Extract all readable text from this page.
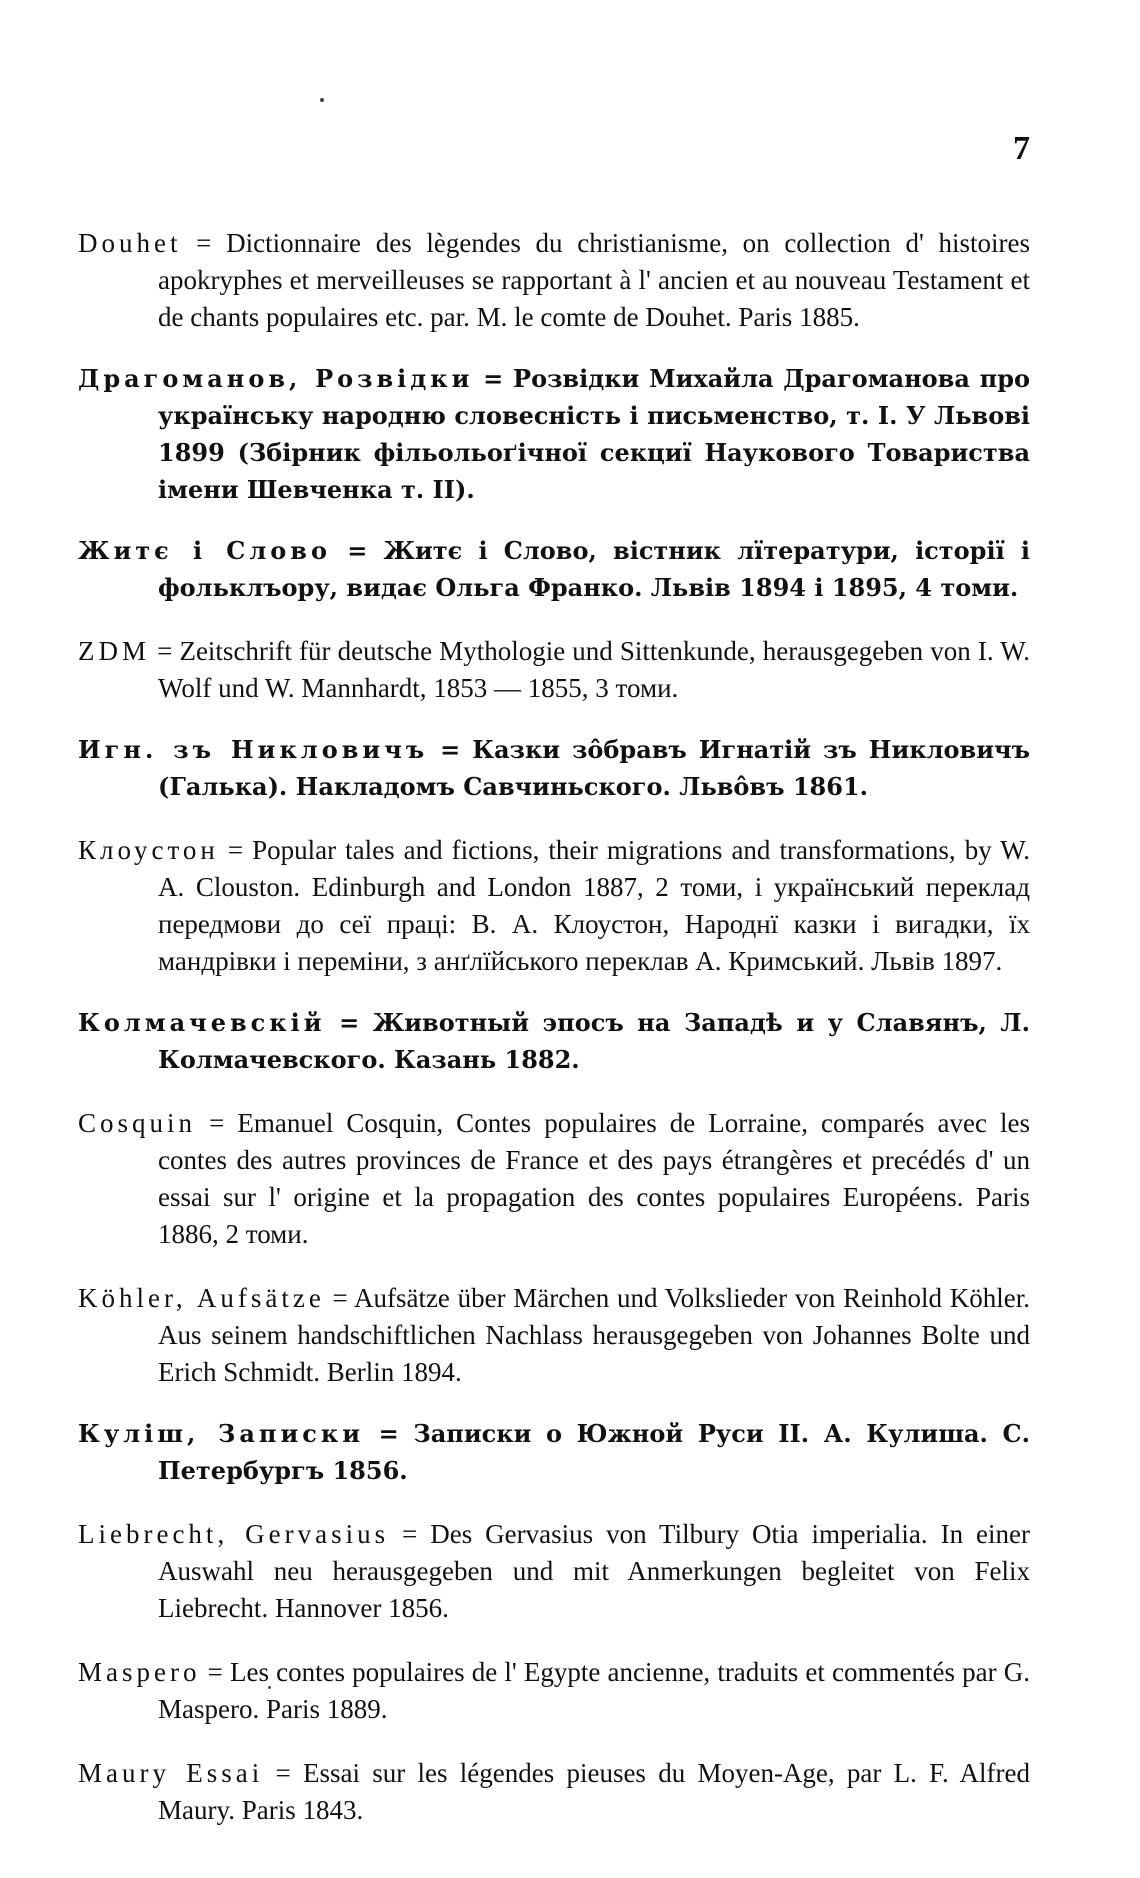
7

Douhet = Dictionnaire des lègendes du christianisme, on collection d' histoires apokryphes et merveilleuses se rapportant à l' ancien et au nouveau Testament et de chants populaires etc. par. M. le comte de Douhet. Paris 1885.

Драгоманов, Розвідки = Розвідки Михайла Драгоманова про українську народню словесність і письменство, т. І. У Львові 1899 (Збірник фільольоґічної секциї Наукового Товариства імени Шевченка т. II).

Житє і Слово = Житє і Слово, вістник лїтератури, історії і фольклъору, видає Ольга Франко. Львів 1894 і 1895, 4 томи.

ZDM = Zeitschrift für deutsche Mythologie und Sittenkunde, herausgegeben von I. W. Wolf und W. Mannhardt, 1853 — 1855, 3 томи.

Игн. зъ Никловичъ = Казки зôбравъ Игнатій зъ Никловичъ (Галька). Накладомъ Савчиньского. Львôвъ 1861.

Клоустон = Popular tales and fictions, their migrations and transformations, by W. A. Clouston. Edinburgh and London 1887, 2 томи, і український переклад передмови до сеї праці: В. А. Клоустон, Народнї казки і вигадки, їх мандрівки і переміни, з анґлїйського переклав А. Кримський. Львів 1897.

Колмачевскій = Животный эпосъ на Западѣ и у Славянъ, Л. Колмачевского. Казань 1882.

Cosquin = Emanuel Cosquin, Contes populaires de Lorraine, comparés avec les contes des autres provinces de France et des pays étrangères et precédés d' un essai sur l' origine et la propagation des contes populaires Européens. Paris 1886, 2 томи.

Köhler, Aufsätze = Aufsätze über Märchen und Volkslieder von Reinhold Köhler. Aus seinem handschiftlichen Nachlass herausgegeben von Johannes Bolte und Erich Schmidt. Berlin 1894.

Куліш, Записки = Записки о Южной Руси II. А. Кулиша. С. Петербургъ 1856.

Liebrecht, Gervasius = Des Gervasius von Tilbury Otia imperialia. In einer Auswahl neu herausgegeben und mit Anmerkungen begleitet von Felix Liebrecht. Hannover 1856.

Maspero = Les contes populaires de l' Egypte ancienne, traduits et commentés par G. Maspero. Paris 1889.

Maury Essai = Essai sur les légendes pieuses du Moyen-Age, par L. F. Alfred Maury. Paris 1843.
